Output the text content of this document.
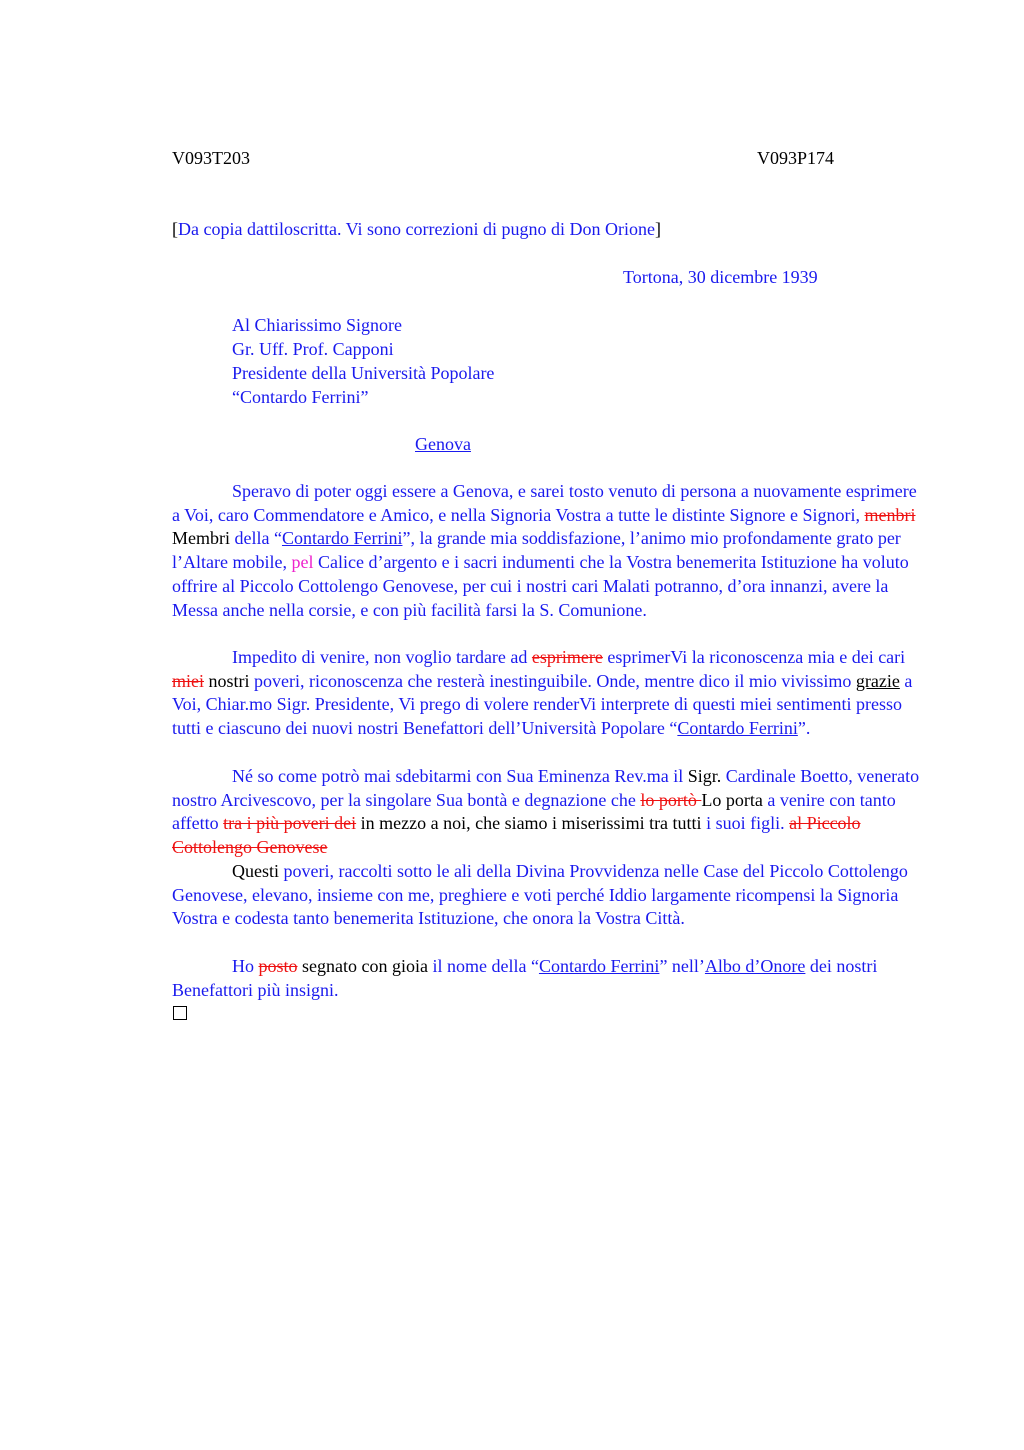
V093T203	V093P174
[Da copia dattiloscritta. Vi sono correzioni di pugno di Don Orione]
Tortona, 30 dicembre 1939
Al Chiarissimo Signore
Gr. Uff. Prof. Capponi
Presidente della Università Popolare
“Contardo Ferrini”
Genova
Speravo di poter oggi essere a Genova, e sarei tosto venuto di persona a nuovamente esprimere a Voi, caro Commendatore e Amico, e nella Signoria Vostra a tutte le distinte Signore e Signori, menbri Membri della “Contardo Ferrini”, la grande mia soddisfazione, l’animo mio profondamente grato per l’Altare mobile, pel Calice d’argento e i sacri indumenti che la Vostra benemerita Istituzione ha voluto offrire al Piccolo Cottolengo Genovese, per cui i nostri cari Malati potranno, d’ora innanzi, avere la Messa anche nella corsie, e con più facilità farsi la S. Comunione.
Impedito di venire, non voglio tardare ad esprimere esprimerVi la riconoscenza mia e dei cari miei nostri poveri, riconoscenza che resterà inestinguibile. Onde, mentre dico il mio vivissimo grazie a Voi, Chiar.mo Sigr. Presidente, Vi prego di volere renderVi interprete di questi miei sentimenti presso tutti e ciascuno dei nuovi nostri Benefattori dell’Università Popolare “Contardo Ferrini”.
Né so come potrò mai sdebitarmi con Sua Eminenza Rev.ma il Sigr. Cardinale Boetto, venerato nostro Arcivescovo, per la singolare Sua bontà e degnazione che lo portò Lo porta a venire con tanto affetto tra i più poveri dei in mezzo a noi, che siamo i miserissimi tra tutti i suoi figli. al Piccolo Cottolengo Genovese
Questi poveri, raccolti sotto le ali della Divina Provvidenza nelle Case del Piccolo Cottolengo Genovese, elevano, insieme con me, preghiere e voti perché Iddio largamente ricompensi la Signoria Vostra e codesta tanto benemerita Istituzione, che onora la Vostra Città.
Ho posto segnato con gioia il nome della “Contardo Ferrini” nell’Albo d’Onore dei nostri Benefattori più insigni.
